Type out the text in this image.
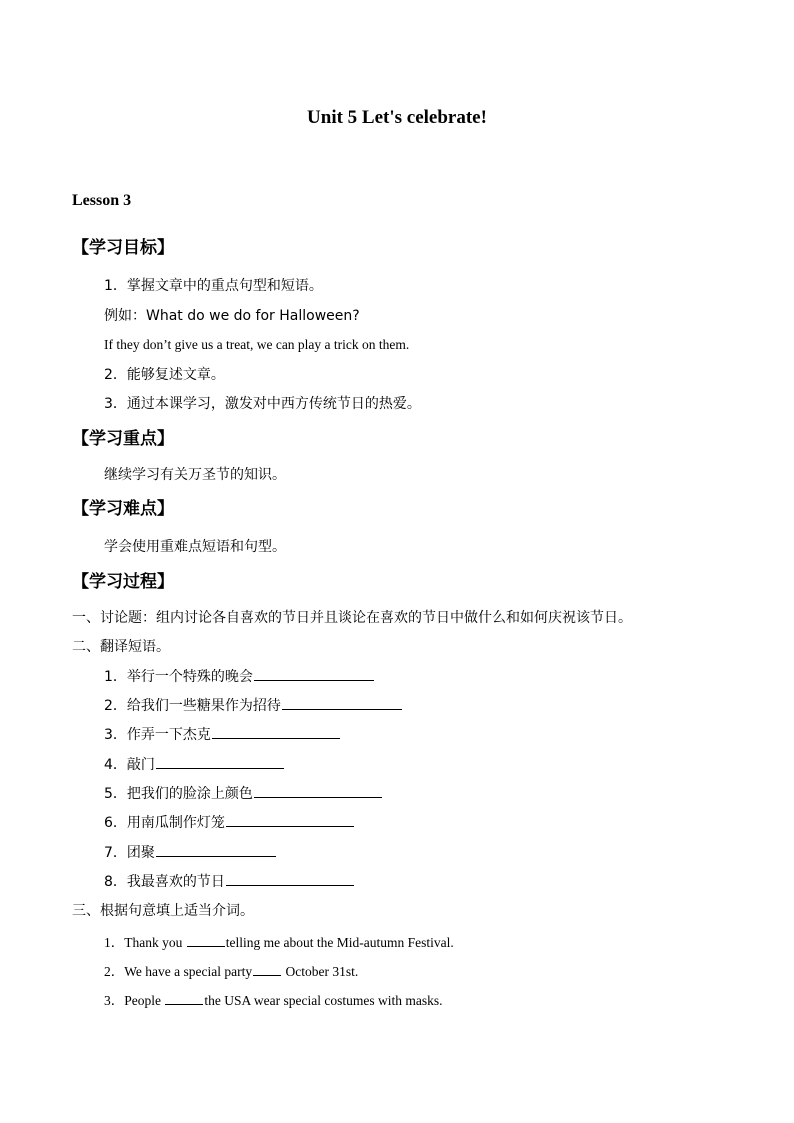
Unit 5 Let's celebrate!
Lesson 3
【学习目标】
1．掌握文章中的重点句型和短语。
例如：What do we do for Halloween?
If they don’t give us a treat, we can play a trick on them.
2．能够复述文章。
3．通过本课学习，激发对中西方传统节日的热爱。
【学习重点】
继续学习有关万圣节的知识。
【学习难点】
学会使用重难点短语和句型。
【学习过程】
一、讨论题：组内讨论各自喜欢的节日并且谈论在喜欢的节日中做什么和如何庆祝该节日。
二、翻译短语。
1．举行一个特殊的晚会
2．给我们一些糖果作为招待
3．作弄一下杰克
4．敲门
5．把我们的脸涂上颜色
6．用南瓜制作灯笼
7．团聚
8．我最喜欢的节日
三、根据句意填上适当介词。
1．Thank you	telling me about the Mid-autumn Festival.
2．We have a special party October 31st.
3．People	the USA wear special costumes with masks.
